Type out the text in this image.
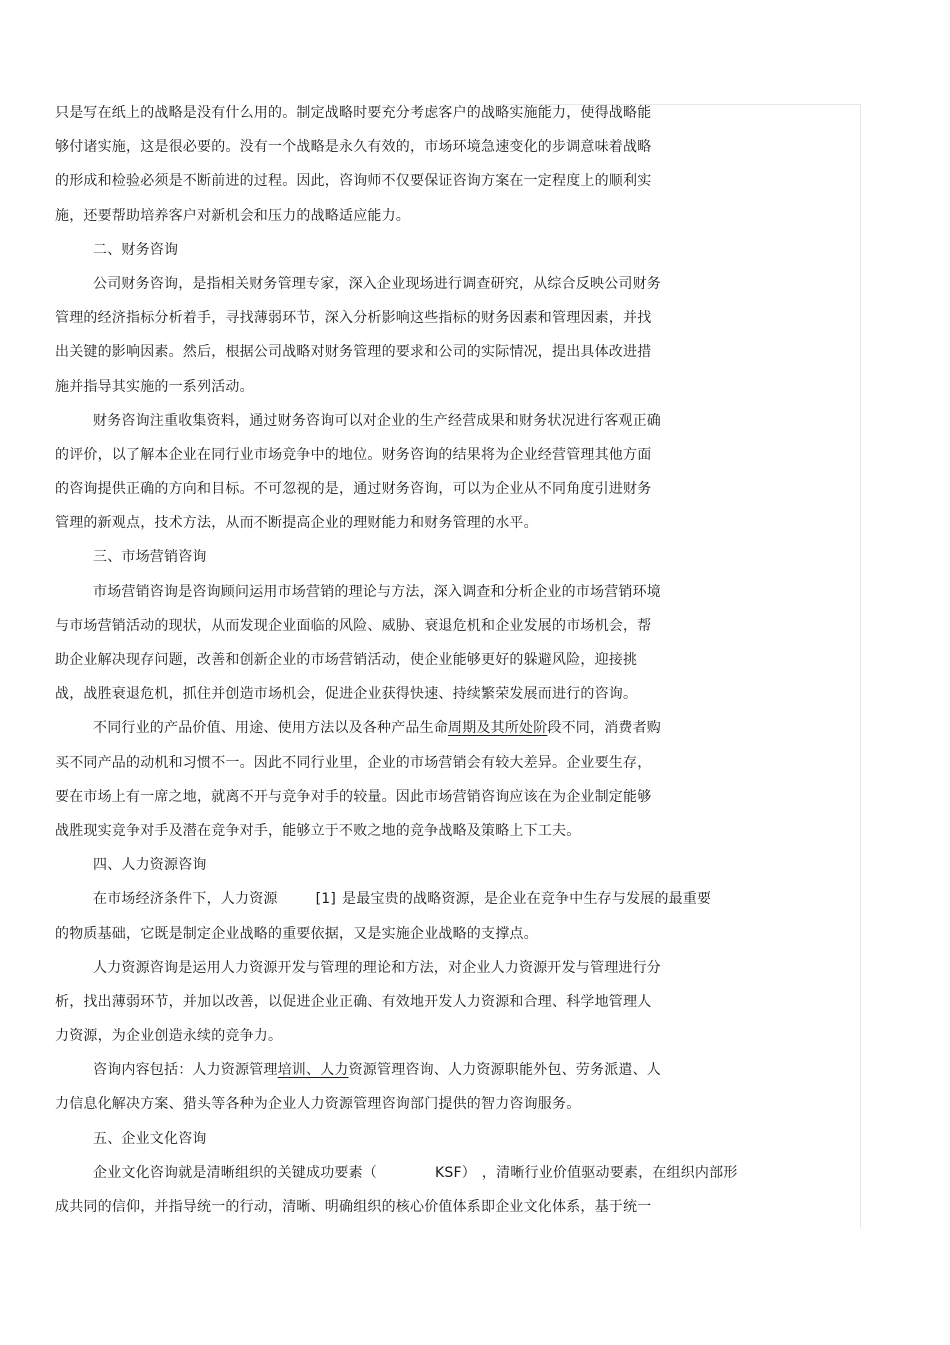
只是写在纸上的战略是没有什么用的。制定战略时要充分考虑客户的战略实施能力，使得战略能
够付诸实施，这是很必要的。没有一个战略是永久有效的，市场环境急速变化的步调意味着战略
的形成和检验必须是不断前进的过程。因此，咨询师不仅要保证咨询方案在一定程度上的顺利实
施，还要帮助培养客户对新机会和压力的战略适应能力。
二、财务咨询
公司财务咨询，是指相关财务管理专家，深入企业现场进行调查研究，从综合反映公司财务
管理的经济指标分析着手，寻找薄弱环节，深入分析影响这些指标的财务因素和管理因素，并找
出关键的影响因素。然后，根据公司战略对财务管理的要求和公司的实际情况，提出具体改进措
施并指导其实施的一系列活动。
财务咨询注重收集资料，通过财务咨询可以对企业的生产经营成果和财务状况进行客观正确
的评价，以了解本企业在同行业市场竞争中的地位。财务咨询的结果将为企业经营管理其他方面
的咨询提供正确的方向和目标。不可忽视的是，通过财务咨询，可以为企业从不同角度引进财务
管理的新观点，技术方法，从而不断提高企业的理财能力和财务管理的水平。
三、市场营销咨询
市场营销咨询是咨询顾问运用市场营销的理论与方法，深入调查和分析企业的市场营销环境
与市场营销活动的现状，从而发现企业面临的风险、威胁、衰退危机和企业发展的市场机会，帮
助企业解决现存问题，改善和创新企业的市场营销活动，使企业能够更好的躲避风险，迎接挑
战，战胜衰退危机，抓住并创造市场机会，促进企业获得快速、持续繁荣发展而进行的咨询。
不同行业的产品价值、用途、使用方法以及各种产品生命周期及其所处阶段不同，消费者购
买不同产品的动机和习惯不一。因此不同行业里，企业的市场营销会有较大差异。企业要生存，
要在市场上有一席之地，就离不开与竞争对手的较量。因此市场营销咨询应该在为企业制定能够
战胜现实竞争对手及潜在竞争对手，能够立于不败之地的竞争战略及策略上下工夫。
四、人力资源咨询
在市场经济条件下，人力资源	[1] 是最宝贵的战略资源，是企业在竞争中生存与发展的最重要
的物质基础，它既是制定企业战略的重要依据，又是实施企业战略的支撑点。
人力资源咨询是运用人力资源开发与管理的理论和方法，对企业人力资源开发与管理进行分
析，找出薄弱环节，并加以改善，以促进企业正确、有效地开发人力资源和合理、科学地管理人
力资源，为企业创造永续的竞争力。
咨询内容包括：人力资源管理培训、人力资源管理咨询、人力资源职能外包、劳务派遣、人
力信息化解决方案、猎头等各种为企业人力资源管理咨询部门提供的智力咨询服务。
五、企业文化咨询
企业文化咨询就是清晰组织的关键成功要素（	KSF） ，清晰行业价值驱动要素，在组织内部形
成共同的信仰，并指导统一的行动，清晰、明确组织的核心价值体系即企业文化体系，基于统一
